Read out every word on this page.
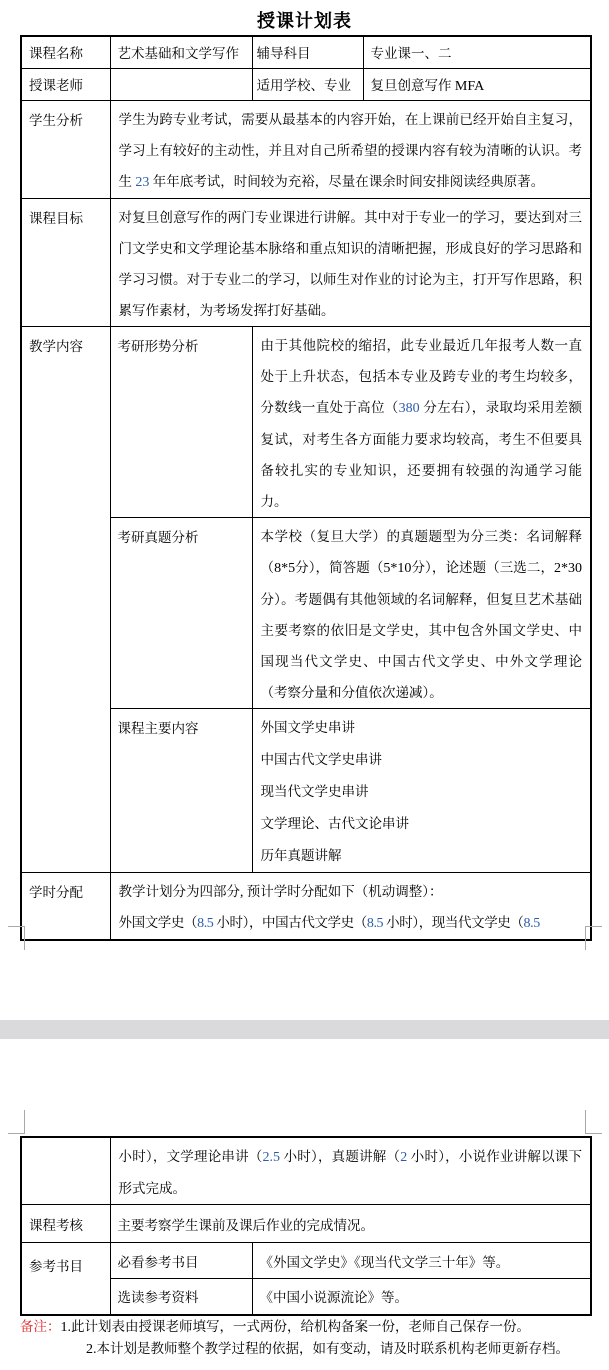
授课计划表
课程名称	艺术基础和文学写作	辅导科目	专业课一、二
授课老师		适用学校、专业	复旦创意写作 MFA
学生分析	学生为跨专业考试，需要从最基本的内容开始，在上课前已经开始自主复习，学习上有较好的主动性，并且对自己所希望的授课内容有较为清晰的认识。考生 23 年年底考试，时间较为充裕，尽量在课余时间安排阅读经典原著。		
课程目标	对复旦创意写作的两门专业课进行讲解。其中对于专业一的学习，要达到对三门文学史和文学理论基本脉络和重点知识的清晰把握，形成良好的学习思路和学习习惯。对于专业二的学习，以师生对作业的讨论为主，打开写作思路，积累写作素材，为考场发挥打好基础。		
教学内容	考研形势分析	由于其他院校的缩招，此专业最近几年报考人数一直处于上升状态，包括本专业及跨专业的考生均较多，分数线一直处于高位（380 分左右），录取均采用差额复试，对考生各方面能力要求均较高，考生不但要具备较扎实的专业知识，还要拥有较强的沟通学习能力。	
	考研真题分析	本学校（复旦大学）的真题题型为分三类：名词解释（8*5分），简答题（5*10分），论述题（三选二，2*30分）。考题偶有其他领域的名词解释，但复旦艺术基础主要考察的依旧是文学史，其中包含外国文学史、中国现当代文学史、中国古代文学史、中外文学理论（考察分量和分值依次递减）。	
	课程主要内容	外国文学史串讲
中国古代文学史串讲
现当代文学史串讲
文学理论、古代文论串讲
历年真题讲解	

学时分配	教学计划分为四部分, 预计学时分配如下（机动调整）：
外国文学史（8.5 小时），中国古代文学史（8.5 小时），现当代文学史（8.5		
	小时），文学理论串讲（2.5 小时），真题讲解（2 小时），小说作业讲解以课下形式完成。	
课程考核	主要考察学生课前及课后作业的完成情况。	
参考书目	必看参考书目	《外国文学史》《现当代文学三十年》等。
	选读参考资料	《中国小说源流论》等。
备注：1.此计划表由授课老师填写，一式两份，给机构备案一份，老师自己保存一份。
2.本计划是教师整个教学过程的依据，如有变动，请及时联系机构老师更新存档。
